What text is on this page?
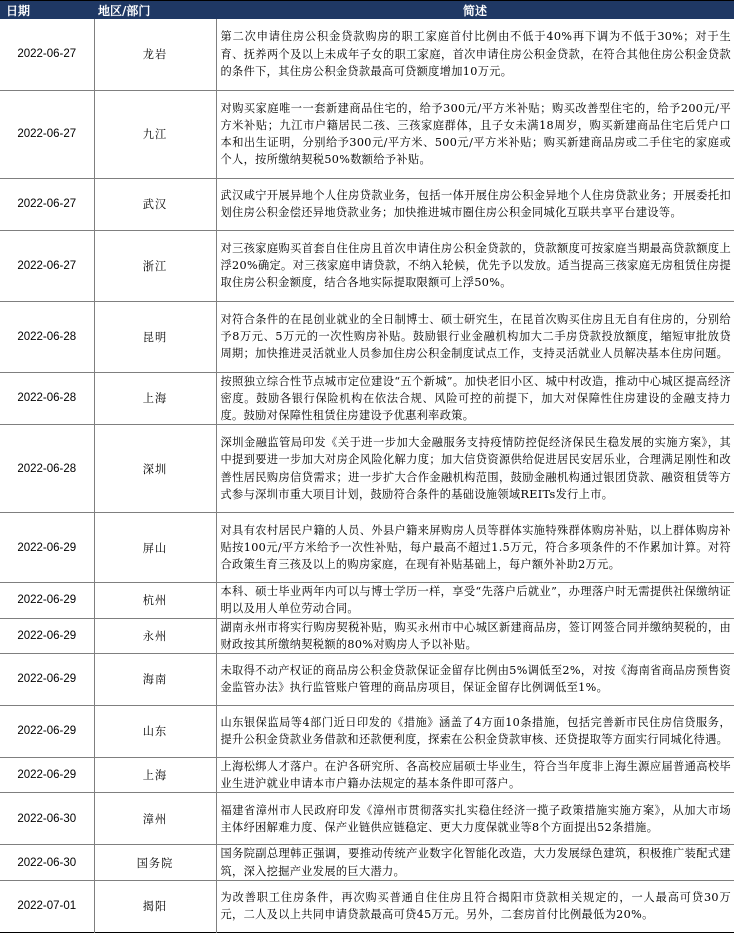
日期	地区/部门	简述
2022-06-27	龙岩	第二次申请住房公积金贷款购房的职工家庭首付比例由不低于40%再下调为不低于30%；对于生育、抚养两个及以上未成年子女的职工家庭，首次申请住房公积金贷款，在符合其他住房公积金贷款的条件下，其住房公积金贷款最高可贷额度增加10万元。
2022-06-27	九江	对购买家庭唯一一套新建商品住宅的，给予300元/平方米补贴；购买改善型住宅的，给予200元/平方米补贴；九江市户籍居民二孩、三孩家庭群体，且子女未满18周岁，购买新建商品住宅后凭户口本和出生证明，分别给予300元/平方米、500元/平方米补贴；购买新建商品房或二手住宅的家庭或个人，按所缴纳契税50%数额给予补贴。
2022-06-27	武汉	武汉咸宁开展异地个人住房贷款业务，包括一体开展住房公积金异地个人住房贷款业务；开展委托扣划住房公积金偿还异地贷款业务；加快推进城市圈住房公积金同城化互联共享平台建设等。
2022-06-27	浙江	对三孩家庭购买首套自住住房且首次申请住房公积金贷款的，贷款额度可按家庭当期最高贷款额度上浮20%确定。对三孩家庭申请贷款，不纳入轮候，优先予以发放。适当提高三孩家庭无房租赁住房提取住房公积金额度，结合各地实际提取限额可上浮50%。
2022-06-28	昆明	对符合条件的在昆创业就业的全日制博士、硕士研究生，在昆首次购买住房且无自有住房的，分别给予8万元、5万元的一次性购房补贴。鼓励银行业金融机构加大二手房贷款投放额度，缩短审批放贷周期；加快推进灵活就业人员参加住房公积金制度试点工作，支持灵活就业人员解决基本住房问题。
2022-06-28	上海	按照独立综合性节点城市定位建设“五个新城”。加快老旧小区、城中村改造，推动中心城区提高经济密度。鼓励各银行保险机构在依法合规、风险可控的前提下，加大对保障性住房建设的金融支持力度。鼓励对保障性租赁住房建设予优惠利率政策。
2022-06-28	深圳	深圳金融监管局印发《关于进一步加大金融服务支持疫情防控促经济保民生稳发展的实施方案》，其中提到要进一步加大对房企风险化解力度；加大信贷资源供给促进居民安居乐业，合理满足刚性和改善性居民购房信贷需求；进一步扩大合作金融机构范围，鼓励金融机构通过银团贷款、融资租赁等方式参与深圳市重大项目计划，鼓励符合条件的基础设施领域REITs发行上市。
2022-06-29	屏山	对具有农村居民户籍的人员、外县户籍来屏购房人员等群体实施特殊群体购房补贴，以上群体购房补贴按100元/平方米给予一次性补贴，每户最高不超过1.5万元，符合多项条件的不作累加计算。对符合政策生育三孩及以上的购房家庭，在现有补贴基础上，每户额外补助2万元。
2022-06-29	杭州	本科、硕士毕业两年内可以与博士学历一样，享受“先落户后就业”，办理落户时无需提供社保缴纳证明以及用人单位劳动合同。
2022-06-29	永州	湖南永州市将实行购房契税补贴，购买永州市中心城区新建商品房，签订网签合同并缴纳契税的，由财政按其所缴纳契税额的80%对购房人予以补贴。
2022-06-29	海南	未取得不动产权证的商品房公积金贷款保证金留存比例由5%调低至2%，对按《海南省商品房预售资金监管办法》执行监管账户管理的商品房项目，保证金留存比例调低至1%。
2022-06-29	山东	山东银保监局等4部门近日印发的《措施》涵盖了4方面10条措施，包括完善新市民住房信贷服务，提升公积金贷款业务借款和还款便利度，探索在公积金贷款审核、还贷提取等方面实行同城化待遇。
2022-06-29	上海	上海松绑人才落户。在沪各研究所、各高校应届硕士毕业生，符合当年度非上海生源应届普通高校毕业生进沪就业申请本市户籍办法规定的基本条件即可落户。
2022-06-30	漳州	福建省漳州市人民政府印发《漳州市贯彻落实扎实稳住经济一揽子政策措施实施方案》，从加大市场主体纾困解难力度、保产业链供应链稳定、更大力度保就业等8个方面提出52条措施。
2022-06-30	国务院	国务院副总理韩正强调，要推动传统产业数字化智能化改造，大力发展绿色建筑，积极推广装配式建筑，深入挖掘产业发展的巨大潜力。
2022-07-01	揭阳	为改善职工住房条件，再次购买普通自住住房且符合揭阳市贷款相关规定的，一人最高可贷30万元，二人及以上共同申请贷款最高可贷45万元。另外，二套房首付比例最低为20%。
